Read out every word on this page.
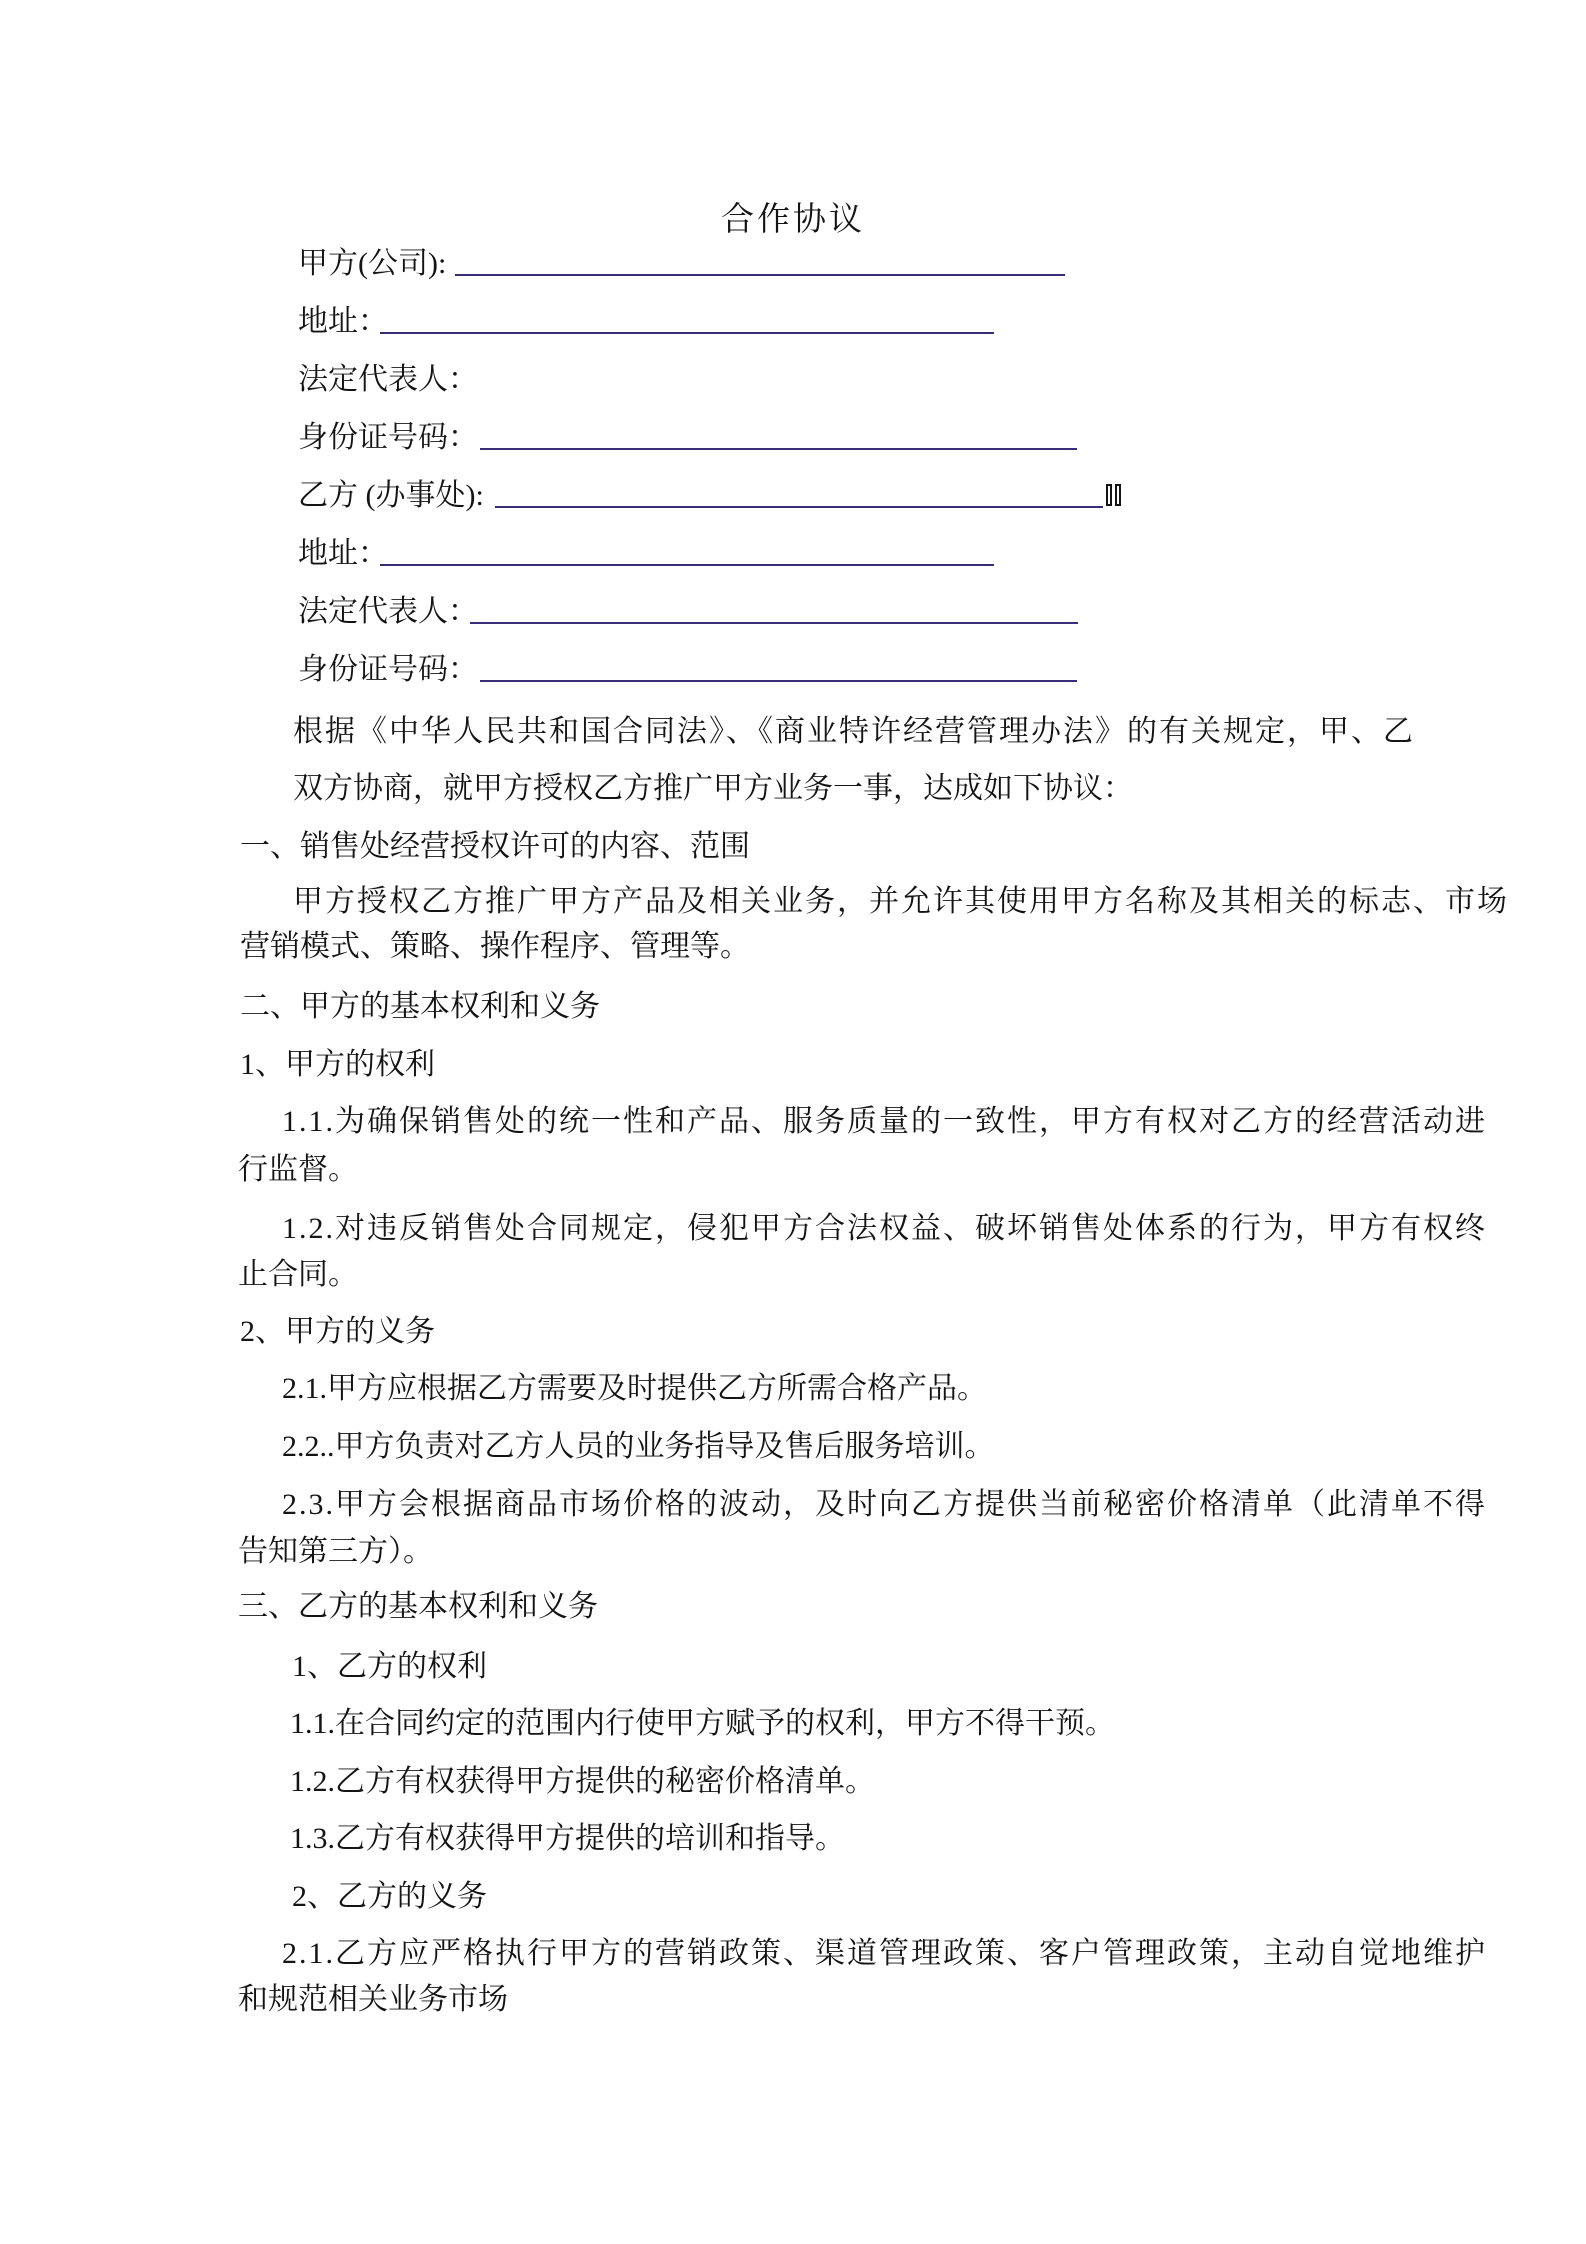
合作协议
甲方(公司):
地址：
法定代表人：
身份证号码：
乙方 (办事处):
地址：
法定代表人：
身份证号码：
根据《中华人民共和国合同法》、《商业特许经营管理办法》的有关规定，甲、乙
双方协商，就甲方授权乙方推广甲方业务一事，达成如下协议：
一、销售处经营授权许可的内容、范围
甲方授权乙方推广甲方产品及相关业务，并允许其使用甲方名称及其相关的标志、市场
营销模式、策略、操作程序、管理等。
二、甲方的基本权利和义务
1、甲方的权利
1.1.为确保销售处的统一性和产品、服务质量的一致性，甲方有权对乙方的经营活动进
行监督。
1.2.对违反销售处合同规定，侵犯甲方合法权益、破坏销售处体系的行为，甲方有权终
止合同。
2、甲方的义务
2.1.甲方应根据乙方需要及时提供乙方所需合格产品。
2.2..甲方负责对乙方人员的业务指导及售后服务培训。
2.3.甲方会根据商品市场价格的波动，及时向乙方提供当前秘密价格清单（此清单不得
告知第三方）。
三、乙方的基本权利和义务
1、乙方的权利
1.1.在合同约定的范围内行使甲方赋予的权利，甲方不得干预。
1.2.乙方有权获得甲方提供的秘密价格清单。
1.3.乙方有权获得甲方提供的培训和指导。
2、乙方的义务
2.1.乙方应严格执行甲方的营销政策、渠道管理政策、客户管理政策，主动自觉地维护
和规范相关业务市场
